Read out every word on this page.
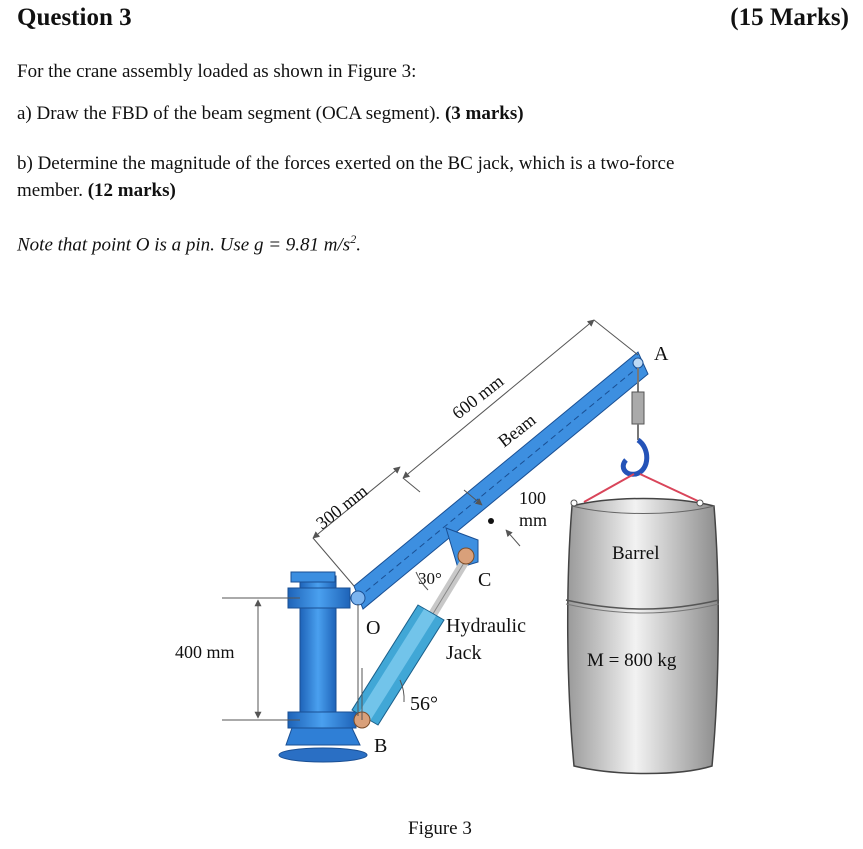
Question 3	(15 Marks)
For the crane assembly loaded as shown in Figure 3:
a) Draw the FBD of the beam segment (OCA segment). (3 marks)
b) Determine the magnitude of the forces exerted on the BC jack, which is a two-force
member. (12 marks)
Note that point O is a pin. Use g = 9.81 $m/s^2$.
A
B
C
O
Beam
600 mm
300 mm	100
mm
400 mm
30°
56°
Hydraulic
Jack
Barrel
M = 800 kg
Figure 3
